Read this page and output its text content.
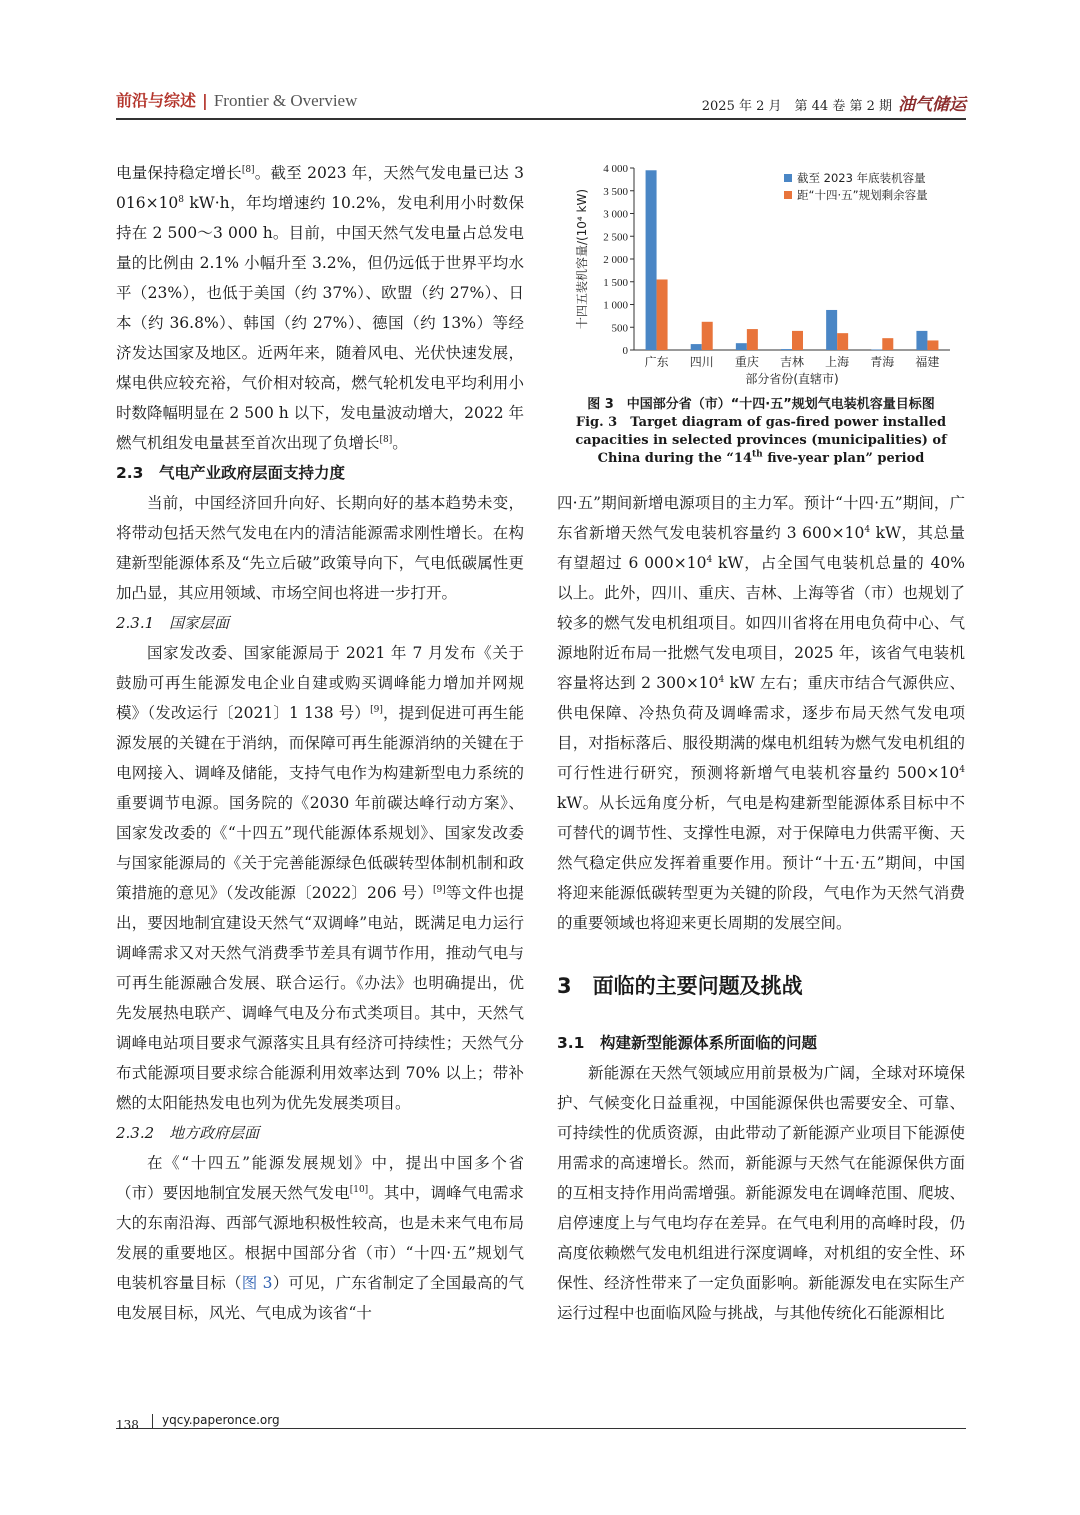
前沿与综述 | Frontier & Overview	2025 年 2 月　第 44 卷 第 2 期 油气储运

电量保持稳定增长[8]。截至 2023 年，天然气发电量已达 3 $016\times 10^8$ kW·h，年均增速约 10.2%，发电利用小时数保持在 2 500～3 000 h。目前，中国天然气发电量占总发电量的比例由 2.1% 小幅升至 3.2%，但仍远低于世界平均水平（23%），也低于美国（约 37%）、欧盟（约 27%）、日本（约 36.8%）、韩国（约 27%）、德国（约 13%）等经济发达国家及地区。近两年来，随着风电、光伏快速发展，煤电供应较充裕，气价相对较高，燃气轮机发电平均利用小时数降幅明显在 2 500 h 以下，发电量波动增大，2022 年燃气机组发电量甚至首次出现了负增长[8]。

2.3　气电产业政府层面支持力度

当前，中国经济回升向好、长期向好的基本趋势未变，将带动包括天然气发电在内的清洁能源需求刚性增长。在构建新型能源体系及“先立后破”政策导向下，气电低碳属性更加凸显，其应用领域、市场空间也将进一步打开。

2.3.1　国家层面

国家发改委、国家能源局于 2021 年 7 月发布《关于鼓励可再生能源发电企业自建或购买调峰能力增加并网规模》（发改运行〔2021〕1 138 号）[9]，提到促进可再生能源发展的关键在于消纳，而保障可再生能源消纳的关键在于电网接入、调峰及储能，支持气电作为构建新型电力系统的重要调节电源。国务院的《2030 年前碳达峰行动方案》、国家发改委的《“十四五”现代能源体系规划》、国家发改委与国家能源局的《关于完善能源绿色低碳转型体制机制和政策措施的意见》（发改能源〔2022〕206 号）[9]等文件也提出，要因地制宜建设天然气“双调峰”电站，既满足电力运行调峰需求又对天然气消费季节差具有调节作用，推动气电与可再生能源融合发展、联合运行。《办法》也明确提出，优先发展热电联产、调峰气电及分布式类项目。其中，天然气调峰电站项目要求气源落实且具有经济可持续性；天然气分布式能源项目要求综合能源利用效率达到 70% 以上；带补燃的太阳能热发电也列为优先发展类项目。

2.3.2　地方政府层面

在《“十四五”能源发展规划》中，提出中国多个省（市）要因地制宜发展天然气发电[10]。其中，调峰气电需求大的东南沿海、西部气源地积极性较高，也是未来气电布局发展的重要地区。根据中国部分省（市）“十四·五”规划气电装机容量目标（图 3）可见，广东省制定了全国最高的气电发展目标，风光、气电成为该省“十

0
500
1 000
1 500
2 000
2 500
3 000
3 500
4 000
十四五装机容量/(10⁴ kW)
广东 四川 重庆 吉林 上海 青海 福建
部分省份(直辖市)
截至 2023 年底装机容量
距“十四·五”规划剩余容量
图 3　中国部分省（市）“十四·五”规划气电装机容量目标图
Fig. 3　Target diagram of gas-fired power installed capacities in selected provinces (municipalities) of China during the “14th five-year plan” period

四·五”期间新增电源项目的主力军。预计“十四·五”期间，广东省新增天然气发电装机容量约 3 $600\times 10^4$ kW，其总量有望超过 6 $000\times 10^4$ kW，占全国气电装机总量的 40% 以上。此外，四川、重庆、吉林、上海等省（市）也规划了较多的燃气发电机组项目。如四川省将在用电负荷中心、气源地附近布局一批燃气发电项目，2025 年，该省气电装机容量将达到 2 $300\times 10^4$ kW 左右；重庆市结合气源供应、供电保障、冷热负荷及调峰需求，逐步布局天然气发电项目，对指标落后、服役期满的煤电机组转为燃气发电机组的可行性进行研究，预测将新增气电装机容量约 $500\times 10^4$ kW。从长远角度分析，气电是构建新型能源体系目标中不可替代的调节性、支撑性电源，对于保障电力供需平衡、天然气稳定供应发挥着重要作用。预计“十五·五”期间，中国将迎来能源低碳转型更为关键的阶段，气电作为天然气消费的重要领域也将迎来更长周期的发展空间。

3　面临的主要问题及挑战

3.1　构建新型能源体系所面临的问题

新能源在天然气领域应用前景极为广阔，全球对环境保护、气候变化日益重视，中国能源保供也需要安全、可靠、可持续性的优质资源，由此带动了新能源产业项目下能源使用需求的高速增长。然而，新能源与天然气在能源保供方面的互相支持作用尚需增强。新能源发电在调峰范围、爬坡、启停速度上与气电均存在差异。在气电利用的高峰时段，仍高度依赖燃气发电机组进行深度调峰，对机组的安全性、环保性、经济性带来了一定负面影响。新能源发电在实际生产运行过程中也面临风险与挑战，与其他传统化石能源相比

138 yqcy.paperonce.org
